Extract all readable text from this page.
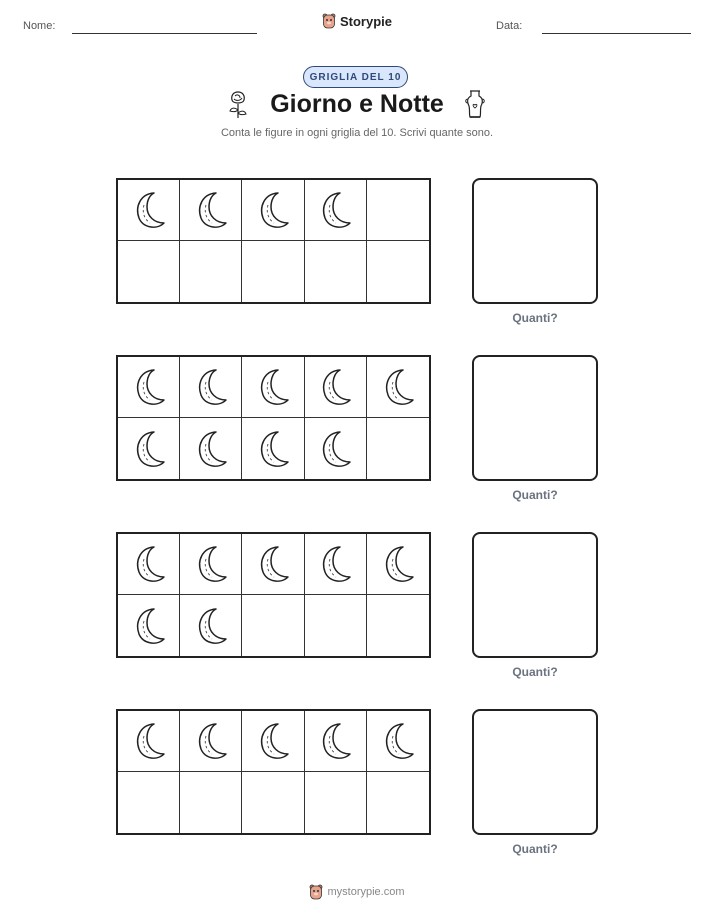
Nome:	Storypie	Data:
GRIGLIA DEL 10
Giorno e Notte
Conta le figure in ogni griglia del 10. Scrivi quante sono.
Quanti?
Quanti?
Quanti?
Quanti?
mystorypie.com
